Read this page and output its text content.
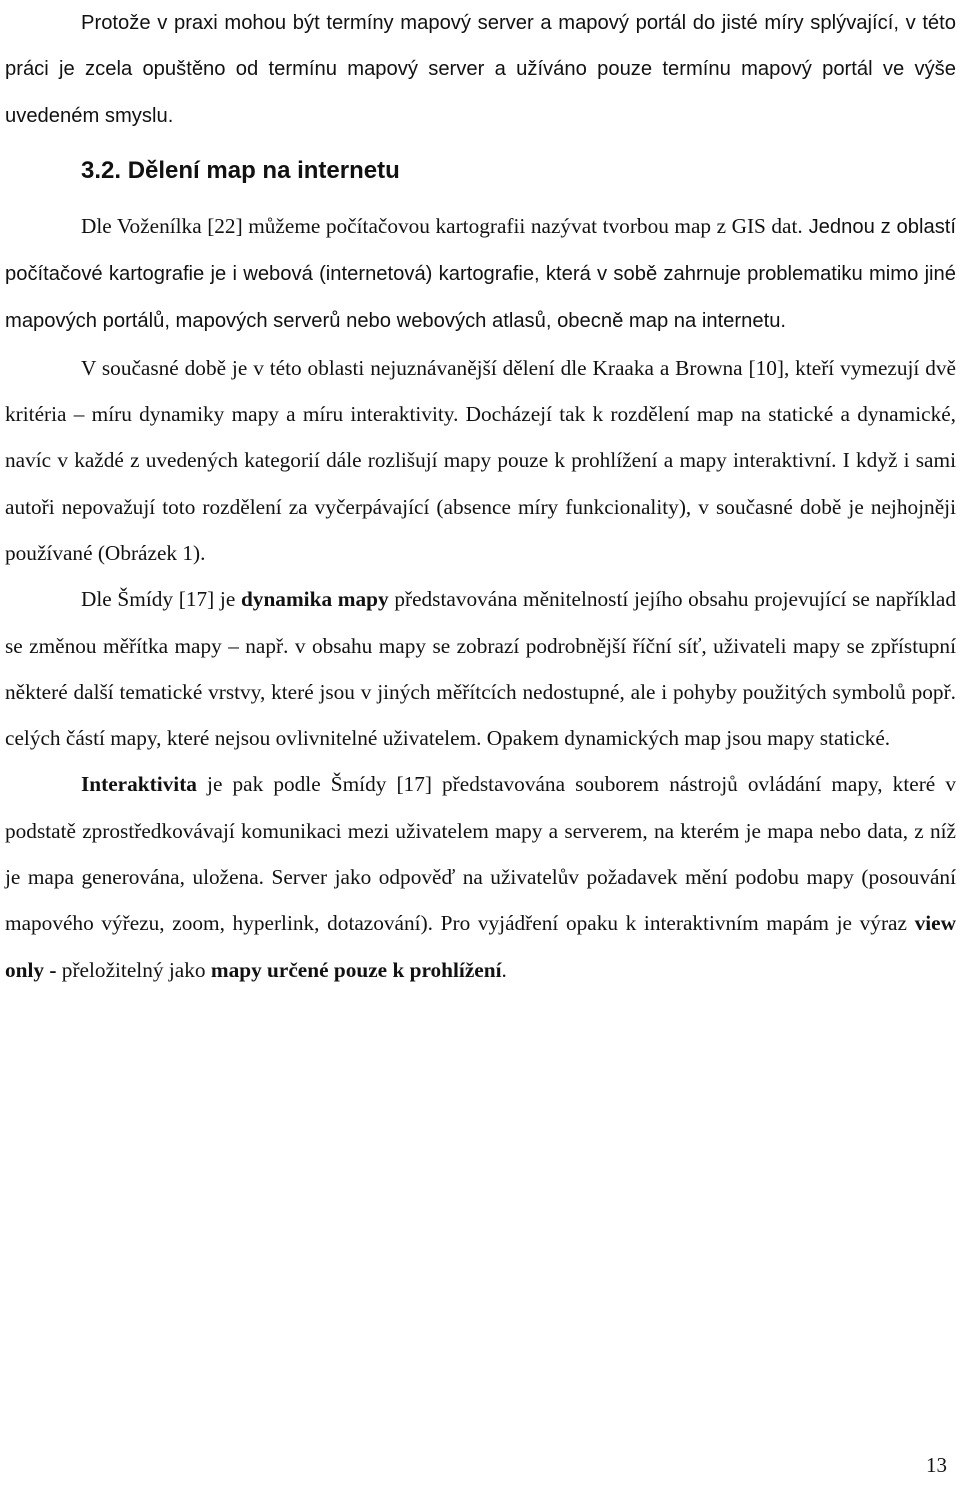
Protože v praxi mohou být termíny mapový server a mapový portál do jisté míry splývající, v této práci je zcela opuštěno od termínu mapový server a užíváno pouze termínu mapový portál ve výše uvedeném smyslu.

3.2. Dělení map na internetu

Dle Voženílka [22] můžeme počítačovou kartografii nazývat tvorbou map z GIS dat. Jednou z oblastí počítačové kartografie je i webová (internetová) kartografie, která v sobě zahrnuje problematiku mimo jiné mapových portálů, mapových serverů nebo webových atlasů, obecně map na internetu.

V současné době je v této oblasti nejuznávanější dělení dle Kraaka a Browna [10], kteří vymezují dvě kritéria – míru dynamiky mapy a míru interaktivity. Docházejí tak k rozdělení map na statické a dynamické, navíc v každé z uvedených kategorií dále rozlišují mapy pouze k prohlížení a mapy interaktivní. I když i sami autoři nepovažují toto rozdělení za vyčerpávající (absence míry funkcionality), v současné době je nejhojněji používané (Obrázek 1).

Dle Šmídy [17] je dynamika mapy představována měnitelností jejího obsahu projevující se například se změnou měřítka mapy – např. v obsahu mapy se zobrazí podrobnější říční síť, uživateli mapy se zpřístupní některé další tematické vrstvy, které jsou v jiných měřítcích nedostupné, ale i pohyby použitých symbolů popř. celých částí mapy, které nejsou ovlivnitelné uživatelem. Opakem dynamických map jsou mapy statické.

Interaktivita je pak podle Šmídy [17] představována souborem nástrojů ovládání mapy, které v podstatě zprostředkovávají komunikaci mezi uživatelem mapy a serverem, na kterém je mapa nebo data, z níž je mapa generována, uložena. Server jako odpověď na uživatelův požadavek mění podobu mapy (posouvání mapového výřezu, zoom, hyperlink, dotazování). Pro vyjádření opaku k interaktivním mapám je výraz view only - přeložitelný jako mapy určené pouze k prohlížení.

13
